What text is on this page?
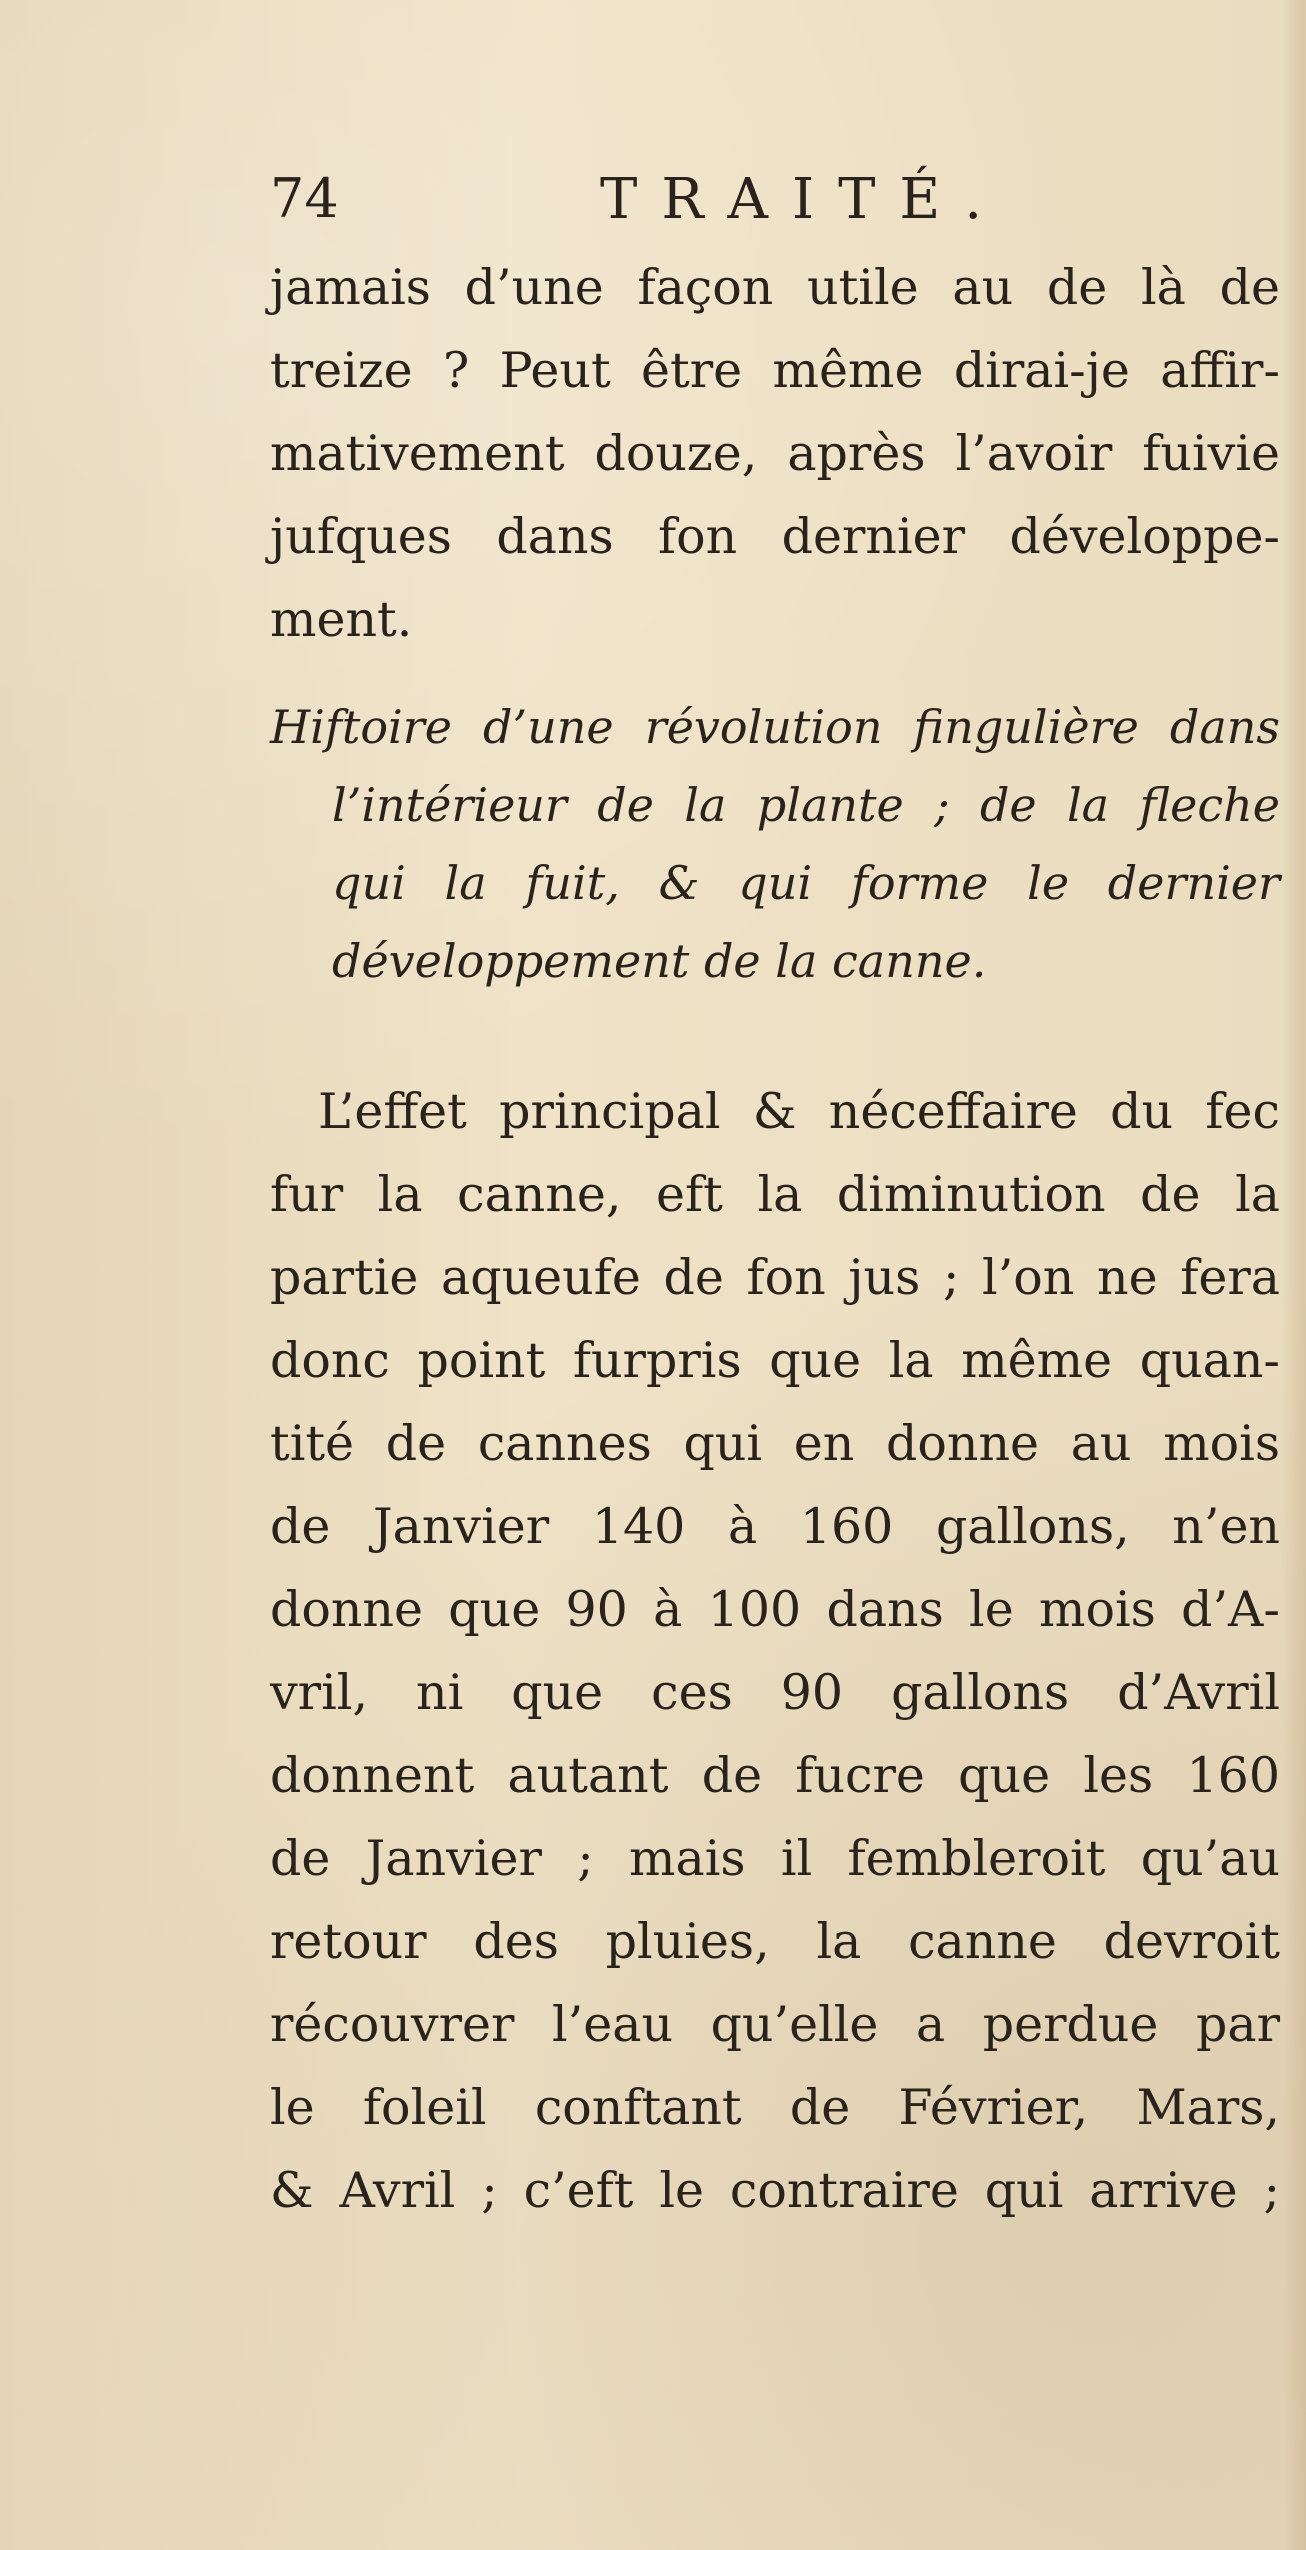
74	TRAITÉ.
jamais d’une façon utile au de là de
treize ? Peut être même dirai-je affir-
mativement douze, après l’avoir fuivie
jufques dans fon dernier développe-
ment.
Hiftoire d’une révolution fingulière dans
l’intérieur de la plante ; de la fleche
qui la fuit, & qui forme le dernier
développement de la canne.
L’effet principal & néceffaire du fec
fur la canne, eft la diminution de la
partie aqueufe de fon jus ; l’on ne fera
donc point furpris que la même quan-
tité de cannes qui en donne au mois
de Janvier 140 à 160 gallons, n’en
donne que 90 à 100 dans le mois d’A-
vril, ni que ces 90 gallons d’Avril
donnent autant de fucre que les 160
de Janvier ; mais il fembleroit qu’au
retour des pluies, la canne devroit
récouvrer l’eau qu’elle a perdue par
le foleil conftant de Février, Mars,
& Avril ; c’eft le contraire qui arrive ;
